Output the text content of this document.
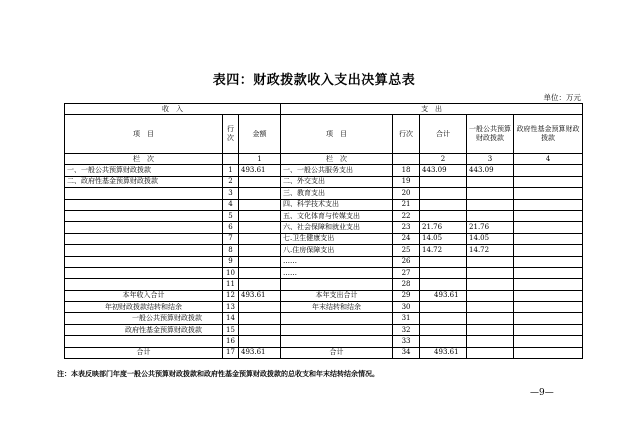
表四：财政拨款收入支出决算总表
单位：万元
收　入			支　出				
项　目	行次	金额	项　目	行次	合计	一般公共预算财政拨款	政府性基金预算财政拨款
栏　次		1	栏　次		2	3	4
一、一般公共预算财政拨款	1	493.61	一、一般公共服务支出	18	443.09	443.09	
二、政府性基金预算财政拨款	2		二、外交支出	19			
	3		三、教育支出	20			
	4		四、科学技术支出	21			
	5		五、文化体育与传媒支出	22			
	6		六、社会保障和就业支出	23	21.76	21.76	
	7		七.卫生健康支出	24	14.05	14.05	
	8		八.住房保障支出	25	14.72	14.72	
	9		……	26			
	10		……	27			
	11			28			
本年收入合计	12	493.61	本年支出合计	29	493.61		
年初财政拨款结转和结余	13		年末结转和结余	30			
一般公共预算财政拨款	14			31			
政府性基金预算财政拨款	15			32			
	16			33			
合计	17	493.61	合计	34	493.61		
注：本表反映部门年度一般公共预算财政拨款和政府性基金预算财政拨款的总收支和年末结转结余情况。
—9—
